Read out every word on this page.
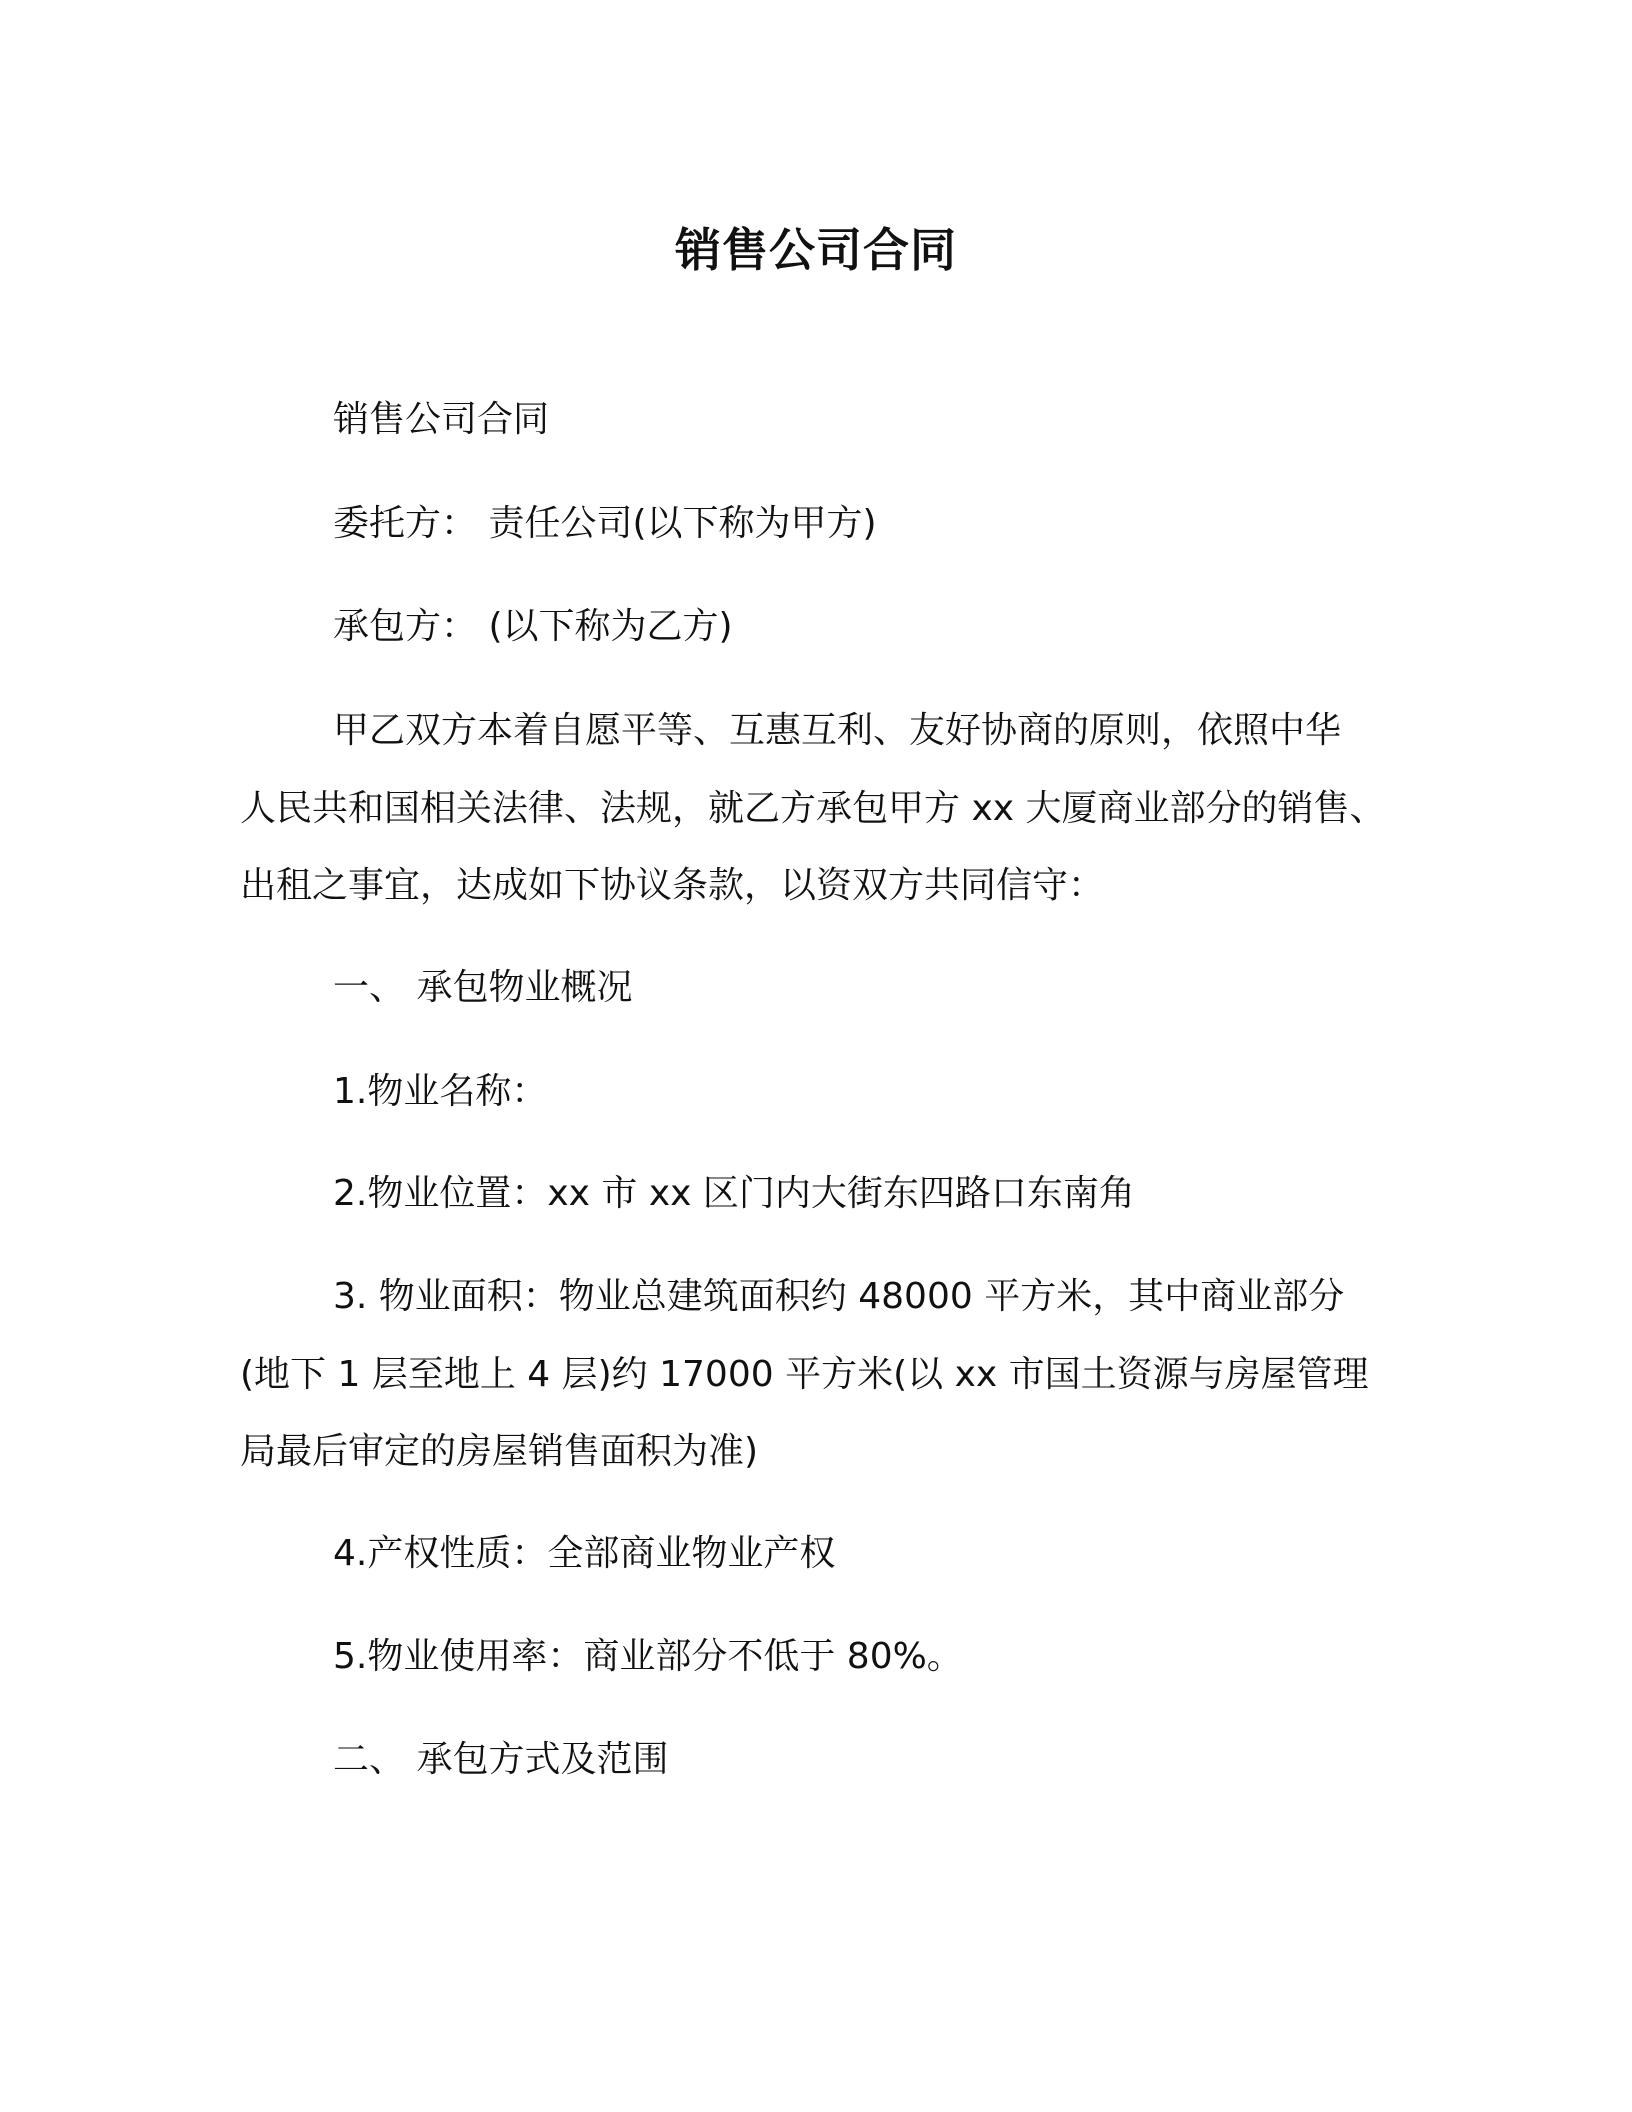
销售公司合同
销售公司合同
委托方： 责任公司(以下称为甲方)
承包方： (以下称为乙方)
甲乙双方本着自愿平等、互惠互利、友好协商的原则，依照中华
人民共和国相关法律、法规，就乙方承包甲方 xx 大厦商业部分的销售、
出租之事宜，达成如下协议条款，以资双方共同信守：
一、 承包物业概况
1.物业名称：
2.物业位置：xx 市 xx 区门内大街东四路口东南角
3. 物业面积：物业总建筑面积约 48000 平方米，其中商业部分
(地下 1 层至地上 4 层)约 17000 平方米(以 xx 市国土资源与房屋管理
局最后审定的房屋销售面积为准)
4.产权性质：全部商业物业产权
5.物业使用率：商业部分不低于 80%。
二、 承包方式及范围
